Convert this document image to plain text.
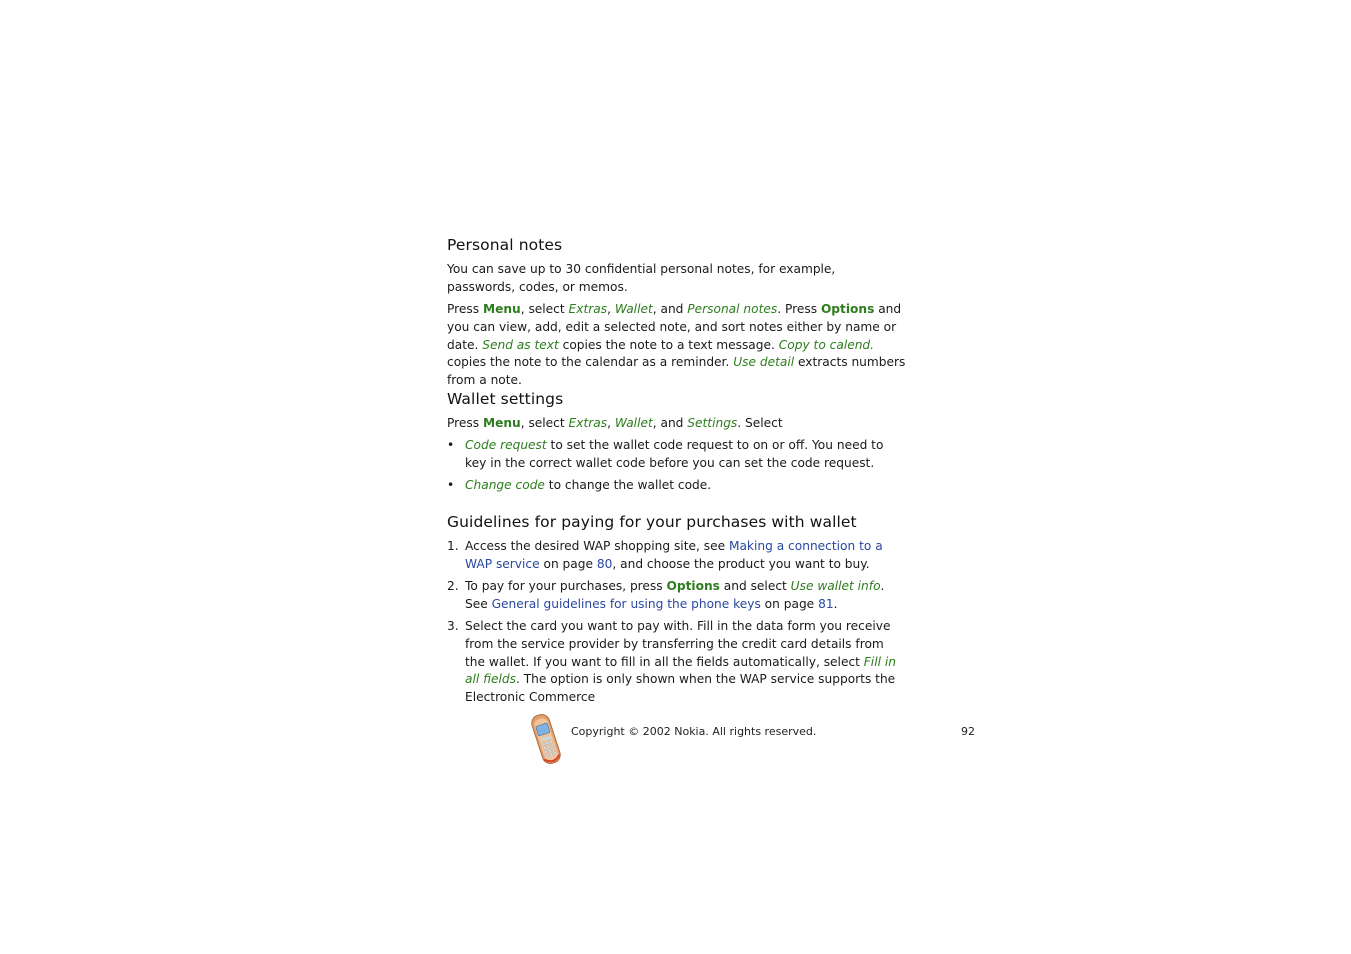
Personal notes

You can save up to 30 confidential personal notes, for example, passwords, codes, or memos.

Press Menu, select Extras, Wallet, and Personal notes. Press Options and you can view, add, edit a selected note, and sort notes either by name or date. Send as text copies the note to a text message. Copy to calend. copies the note to the calendar as a reminder. Use detail extracts numbers from a note.

Wallet settings

Press Menu, select Extras, Wallet, and Settings. Select

• Code request to set the wallet code request to on or off. You need to key in the correct wallet code before you can set the code request.
• Change code to change the wallet code.
Guidelines for paying for your purchases with wallet
1. Access the desired WAP shopping site, see Making a connection to a WAP service on page 80, and choose the product you want to buy.
2. To pay for your purchases, press Options and select Use wallet info. See General guidelines for using the phone keys on page 81.
3. Select the card you want to pay with. Fill in the data form you receive from the service provider by transferring the credit card details from the wallet. If you want to fill in all the fields automatically, select Fill in all fields. The option is only shown when the WAP service supports the Electronic Commerce
Copyright © 2002 Nokia. All rights reserved.	92
